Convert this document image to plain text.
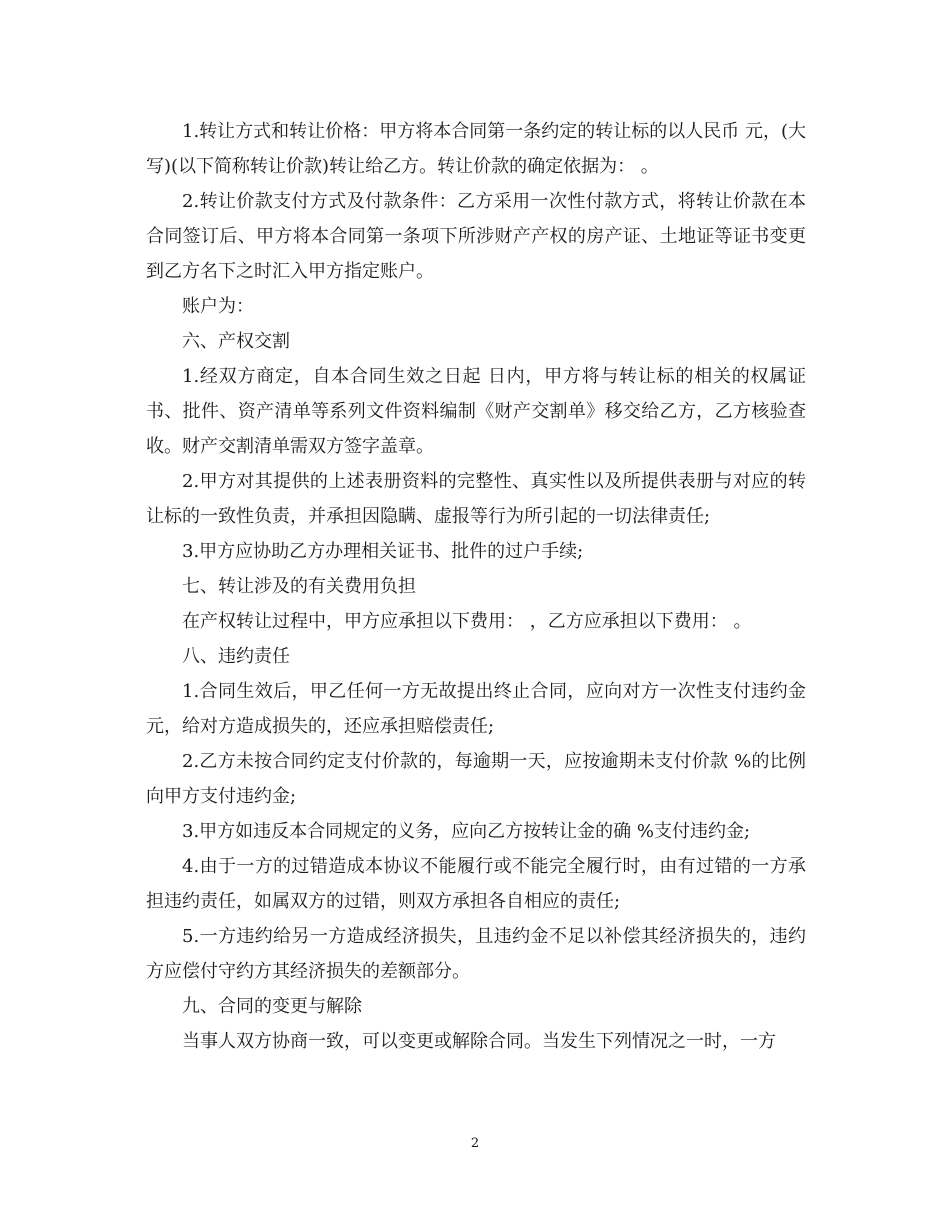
1.转让方式和转让价格：甲方将本合同第一条约定的转让标的以人民币 元，(大写)(以下简称转让价款)转让给乙方。转让价款的确定依据为： 。

2.转让价款支付方式及付款条件：乙方采用一次性付款方式，将转让价款在本合同签订后、甲方将本合同第一条项下所涉财产产权的房产证、土地证等证书变更到乙方名下之时汇入甲方指定账户。

账户为：

六、产权交割

1.经双方商定，自本合同生效之日起 日内，甲方将与转让标的相关的权属证书、批件、资产清单等系列文件资料编制《财产交割单》移交给乙方，乙方核验查收。财产交割清单需双方签字盖章。

2.甲方对其提供的上述表册资料的完整性、真实性以及所提供表册与对应的转让标的一致性负责，并承担因隐瞒、虚报等行为所引起的一切法律责任;

3.甲方应协助乙方办理相关证书、批件的过户手续;

七、转让涉及的有关费用负担

在产权转让过程中，甲方应承担以下费用： ，乙方应承担以下费用： 。

八、违约责任

1.合同生效后，甲乙任何一方无故提出终止合同，应向对方一次性支付违约金 元，给对方造成损失的，还应承担赔偿责任;

2.乙方未按合同约定支付价款的，每逾期一天，应按逾期未支付价款 %的比例向甲方支付违约金;

3.甲方如违反本合同规定的义务，应向乙方按转让金的确 %支付违约金;

4.由于一方的过错造成本协议不能履行或不能完全履行时，由有过错的一方承担违约责任，如属双方的过错，则双方承担各自相应的责任;

5.一方违约给另一方造成经济损失，且违约金不足以补偿其经济损失的，违约方应偿付守约方其经济损失的差额部分。

九、合同的变更与解除

当事人双方协商一致，可以变更或解除合同。当发生下列情况之一时，一方

2
